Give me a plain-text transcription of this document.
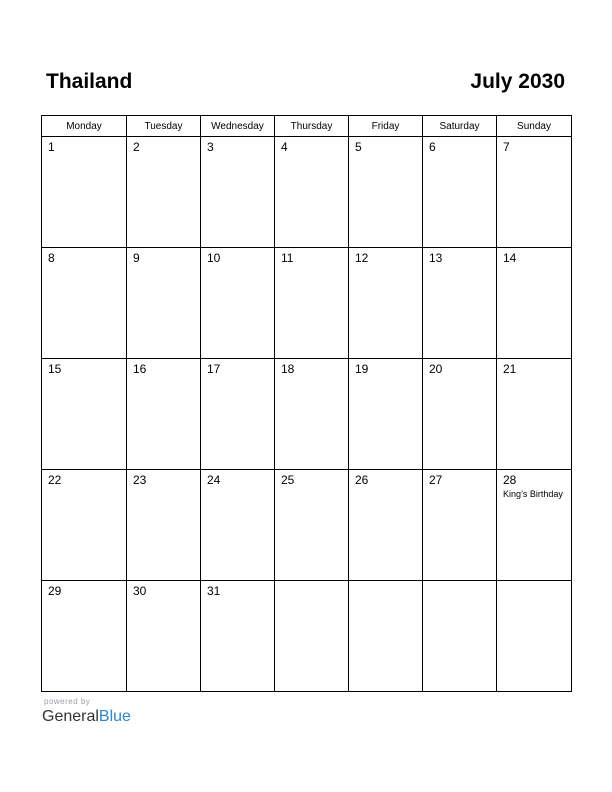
Thailand	July 2030
Monday	Tuesday	Wednesday	Thursday	Friday	Saturday	Sunday

1	2	3	4	5	6	7

8	9	10	11	12	13	14

15	16	17	18	19	20	21

22	23	24	25	26	27	28
King’s Birthday

29	30	31				

powered by
GeneralBlue
